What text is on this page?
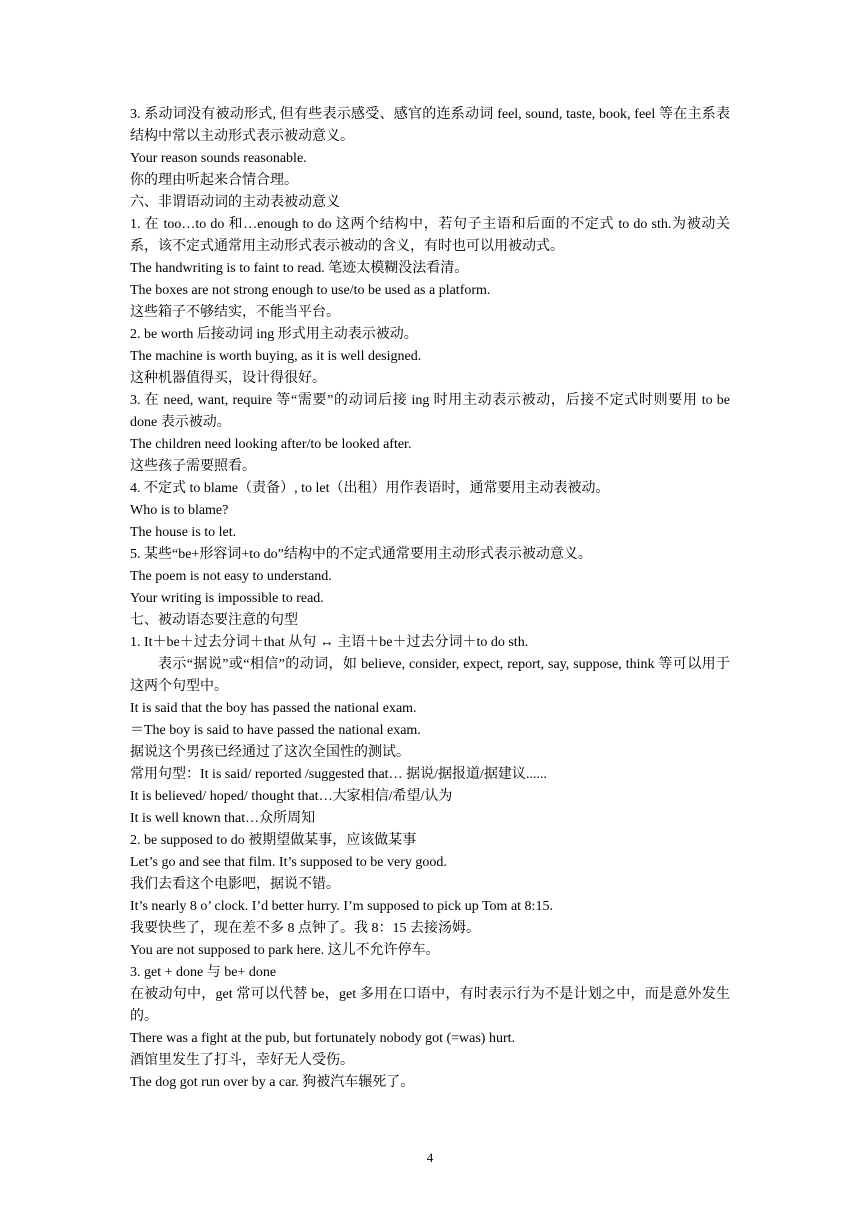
3. 系动词没有被动形式, 但有些表示感受、感官的连系动词 feel, sound, taste, book, feel 等在主系表结构中常以主动形式表示被动意义。
Your reason sounds reasonable.
你的理由听起来合情合理。
六、非谓语动词的主动表被动意义
1. 在 too…to do 和…enough to do 这两个结构中，若句子主语和后面的不定式 to do sth.为被动关系，该不定式通常用主动形式表示被动的含义，有时也可以用被动式。
The handwriting is to faint to read. 笔迹太模糊没法看清。
The boxes are not strong enough to use/to be used as a platform.
这些箱子不够结实，不能当平台。
2. be worth 后接动词 ing 形式用主动表示被动。
The machine is worth buying, as it is well designed.
这种机器值得买，设计得很好。
3. 在 need, want, require 等“需要”的动词后接 ing 时用主动表示被动，后接不定式时则要用 to be done 表示被动。
The children need looking after/to be looked after.
这些孩子需要照看。
4. 不定式 to blame（责备）, to let（出租）用作表语时，通常要用主动表被动。
Who is to blame?
The house is to let.
5. 某些“be+形容词+to do”结构中的不定式通常要用主动形式表示被动意义。
The poem is not easy to understand.
Your writing is impossible to read.
七、被动语态要注意的句型
1. It＋be＋过去分词＋that 从句 ↔ 主语＋be＋过去分词＋to do sth.
表示“据说”或“相信”的动词，如 believe, consider, expect, report, say, suppose, think 等可以用于这两个句型中。
It is said that the boy has passed the national exam.
＝The boy is said to have passed the national exam.
据说这个男孩已经通过了这次全国性的测试。
常用句型：It is said/ reported /suggested that… 据说/据报道/据建议......
It is believed/ hoped/ thought that…大家相信/希望/认为
It is well known that…众所周知
2. be supposed to do 被期望做某事，应该做某事
Let’s go and see that film. It’s supposed to be very good.
我们去看这个电影吧，据说不错。
It’s nearly 8 o’ clock. I’d better hurry. I’m supposed to pick up Tom at 8:15.
我要快些了，现在差不多 8 点钟了。我 8：15 去接汤姆。
You are not supposed to park here. 这儿不允许停车。
3. get + done 与 be+ done
在被动句中，get 常可以代替 be，get 多用在口语中，有时表示行为不是计划之中，而是意外发生的。
There was a fight at the pub, but fortunately nobody got (=was) hurt.
酒馆里发生了打斗，幸好无人受伤。
The dog got run over by a car. 狗被汽车辗死了。
4
